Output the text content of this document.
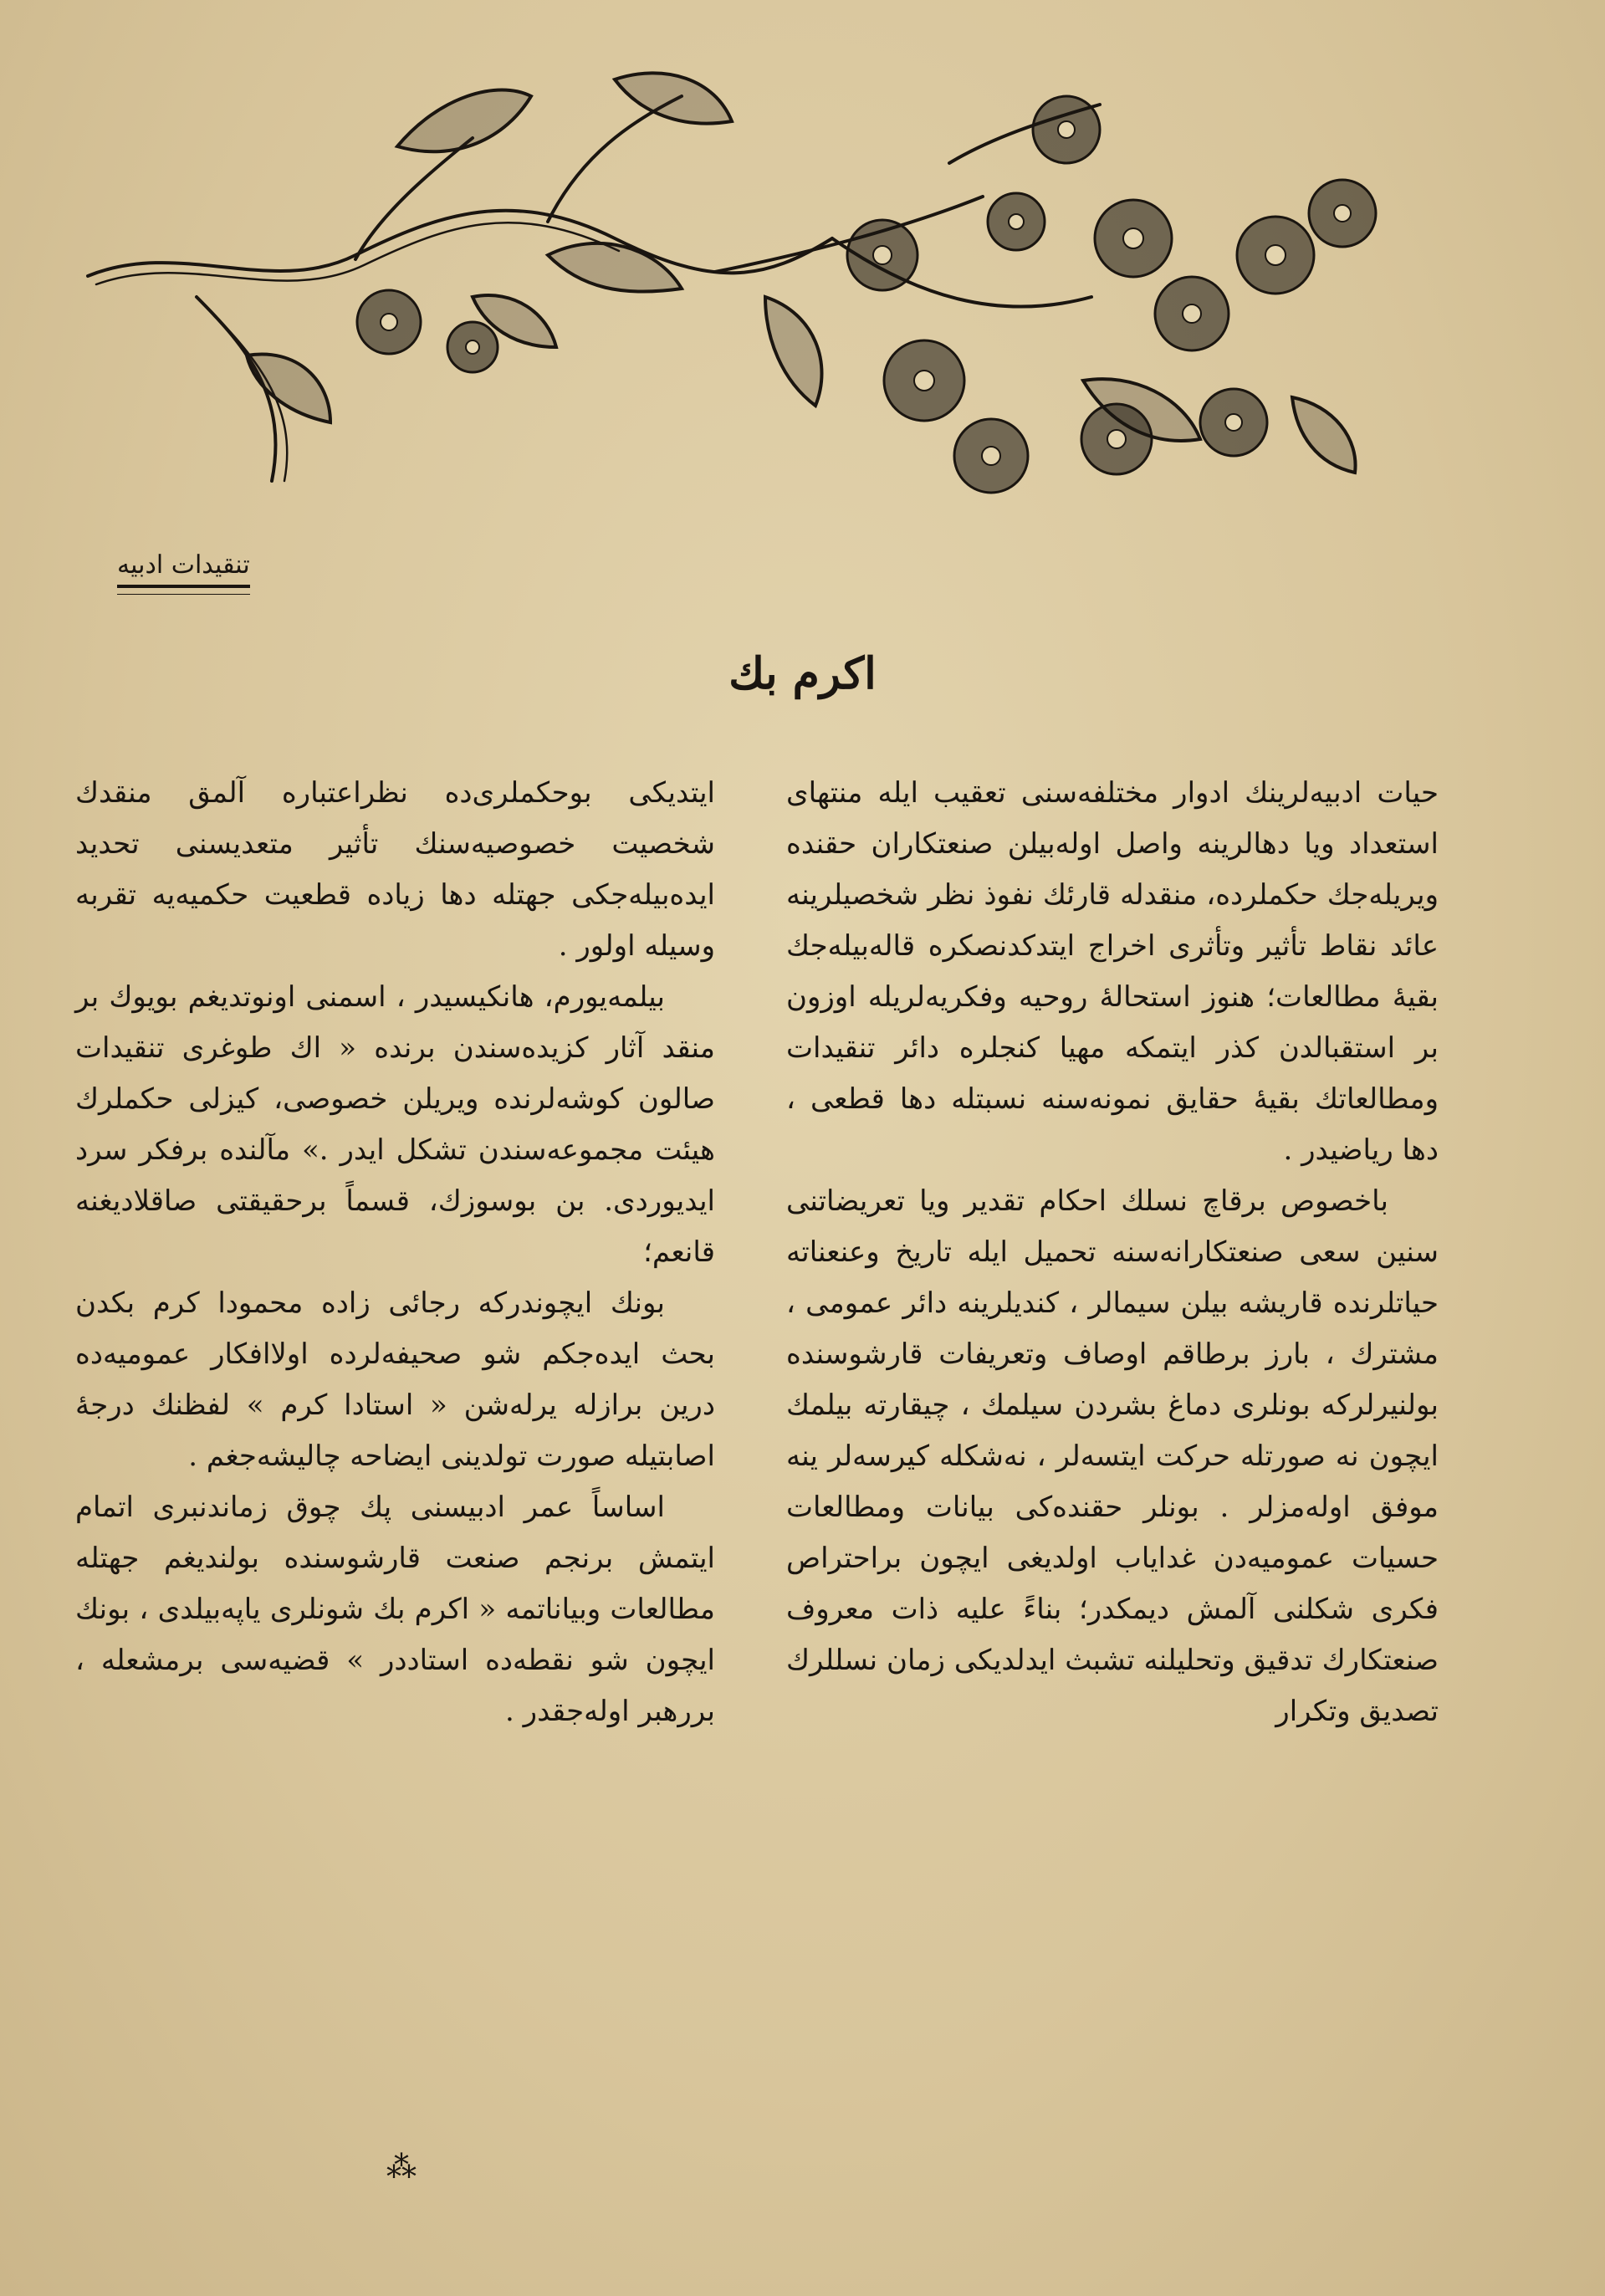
تنقیدات ادبیه
اکرم بك

حیات ادبیه‌لرینك ادوار مختلفه‌سنی تعقیب ایله منتهای استعداد ویا دهالرینه واصل اوله‌بیلن صنعتكاران حقنده ویریله‌جك حكملرده، منقدله قارئك نفوذ نظر شخصیلرینه عائد نقاط تأثیر وتأثری اخراج ایتدكدنصكره قاله‌بیله‌جك بقیهٔ مطالعات؛ هنوز استحالهٔ روحیه وفكریه‌لریله اوزون بر استقبالدن كذر ایتمكه مهیا كنجلره دائر تنقیدات ومطالعاتك بقیهٔ حقایق نمونه‌سنه نسبتله دها قطعی ، دها ریاضیدر .

باخصوص برقاچ نسلك احكام تقدیر ویا تعریضاتنی سنین سعی صنعتكارانه‌سنه تحمیل ایله تاریخ وعنعناته حیاتلرنده قاریشه بیلن سیمالر ، كندیلرینه دائر عمومی ، مشترك ، بارز برطاقم اوصاف وتعریفات قارشوسنده بولنیرلركه بونلری دماغ بشردن سیلمك ، چیقارته بیلمك ایچون نه صورتله حركت ایتسه‌لر ، نه‌شكله كیرسه‌لر ینه موفق اوله‌مزلر . بونلر حقنده‌كی بیانات ومطالعات حسیات عمومیه‌دن غدایاب اولدیغی ایچون براحتراص فكری شكلنی آلمش دیمكدر؛ بناءً علیه ذات معروف صنعتكارك تدقیق وتحلیلنه تشبث ایدلدیكی زمان نسللرك تصدیق وتكرار

ایتدیكی بوحكملری‌ده نظراعتباره آلمق منقدك شخصیت خصوصیه‌سنك تأثیر متعدیسنی تحدید ایده‌بیله‌جكی جهتله دها زیاده قطعیت حكمیه‌یه تقربه وسیله اولور .

بیلمه‌یورم، هانكیسیدر ، اسمنی اونوتدیغم بویوك بر منقد آثار كزیده‌سندن برنده « اك طوغری تنقیدات صالون كوشه‌لرنده ویریلن خصوصی، كیزلی حكملرك هیئت مجموعه‌سندن تشكل ایدر .» مآلنده برفكر سرد ایدیوردی. بن بوسوزك، قسماً برحقیقتی صاقلادیغنه قانعم؛

بونك ایچوندركه رجائی زاده محمودا كرم بكدن بحث ایده‌جكم شو صحیفه‌لرده اولاافكار عمومیه‌ده درین برازله یرله‌شن « استادا كرم » لفظنك درجهٔ اصابتیله صورت تولدینی ایضاحه چالیشه‌جغم .

اساساً عمر ادبیسنی پك چوق زماندنبری اتمام ایتمش برنجم صنعت قارشوسنده بولندیغم جهتله مطالعات وبیاناتمه « اكرم بك شونلری یاپه‌بیلدی ، بونك ایچون شو نقطه‌ده استاددر » قضیه‌سی برمشعله ، بررهبر اوله‌جقدر .

⁂
